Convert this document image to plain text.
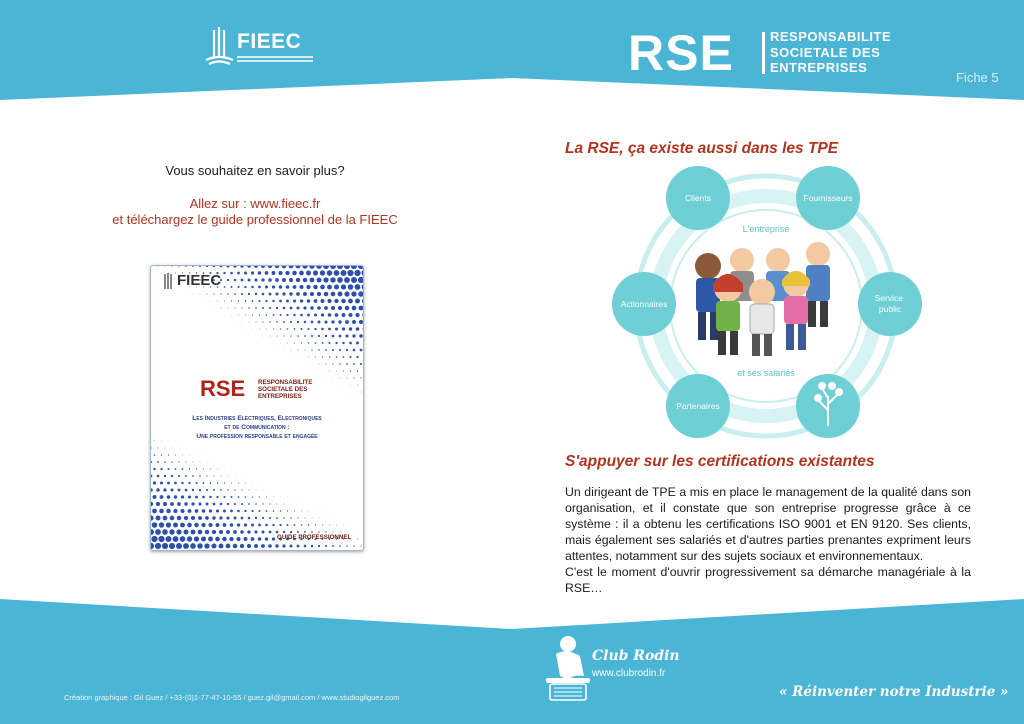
FIEEC	RSE	RESPONSABILITE
SOCIETALE DES
ENTREPRISES
Fiche 5
Vous souhaitez en savoir plus?
Allez sur : www.fieec.fr
et téléchargez le guide professionnel de la FIEEC
FIEEC
RSE RESPONSABILITE
SOCIETALE DES
ENTREPRISES
Les Industries Electriques, Electroniques
et de Communication :
Une profession responsable et engagée
GUIDE PROFESSIONNEL
La RSE, ça existe aussi dans les TPE
L'entreprise
et ses salariés
Clients	Fournisseurs
Actionnaires
Service public
Partenaires
S'appuyer sur les certifications existantes

Un dirigeant de TPE a mis en place le management de la qualité dans son organisation, et il constate que son entreprise progresse grâce à ce système : il a obtenu les certifications ISO 9001 et EN 9120. Ses clients, mais également ses salariés et d'autres parties prenantes expriment leurs attentes, notamment sur des sujets sociaux et environnementaux.

C'est le moment d'ouvrir progressivement sa démarche managériale à la RSE…

Création graphique : Gil Guez / +33-(0)1-77-47-10-55 / guez.gil@gmail.com / www.studiogilguez.com
Club Rodin
www.clubrodin.fr
« Réinventer notre Industrie »
